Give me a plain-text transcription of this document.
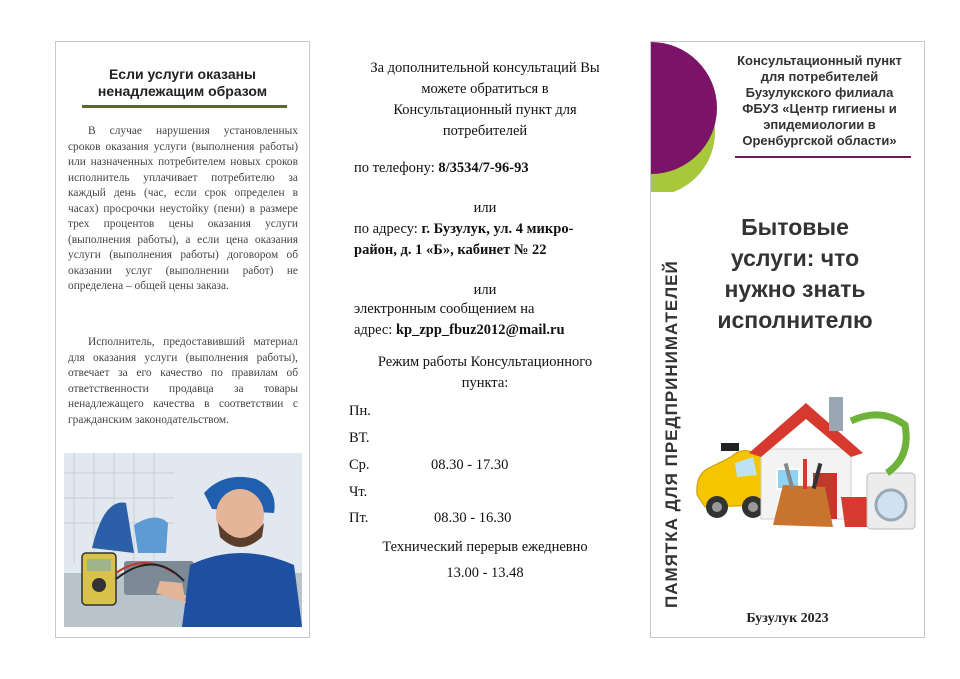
Если услуги оказаны
ненадлежащим образом

В случае нарушения установленных сроков оказания услуги (выполнения работы) или назначенных потребителем новых сроков исполнитель уплачивает потребителю за каждый день (час, если срок определен в часах) просрочки неустойку (пени) в размере трех процентов цены оказания услуги (выполнения работы), а если цена оказания услуги (выполнения работы) договором об оказании услуг (выполнении работ) не определена – общей цены заказа.

Исполнитель, предоставивший материал для оказания услуги (выполнения работы), отвечает за его качество по правилам об ответственности продавца за товары ненадлежащего качества в соответствии с гражданским законодательством.

За дополнительной консультаций Вы
можете обратиться в
Консультационный пункт для
потребителей
по телефону: 8/3534/7-96-93
или
по адресу: г. Бузулук, ул. 4 микро-
район, д. 1 «Б», кабинет № 22
или
электронным сообщением на
адрес: kp_zpp_fbuz2012@mail.ru
Режим работы Консультационного
пункта:
Пн.
ВТ.
Ср.	08.30 - 17.30
Чт.
Пт.	08.30 - 16.30
Технический перерыв ежедневно
13.00 - 13.48
Консультационный пункт
для потребителей
Бузулукского филиала
ФБУЗ «Центр гигиены и
эпидемиологии в
Оренбургской области»
Бытовые
услуги: что
нужно знать
исполнителю
ПАМЯТКА ДЛЯ ПРЕДПРИНИМАТЕЛЕЙ
Бузулук 2023
